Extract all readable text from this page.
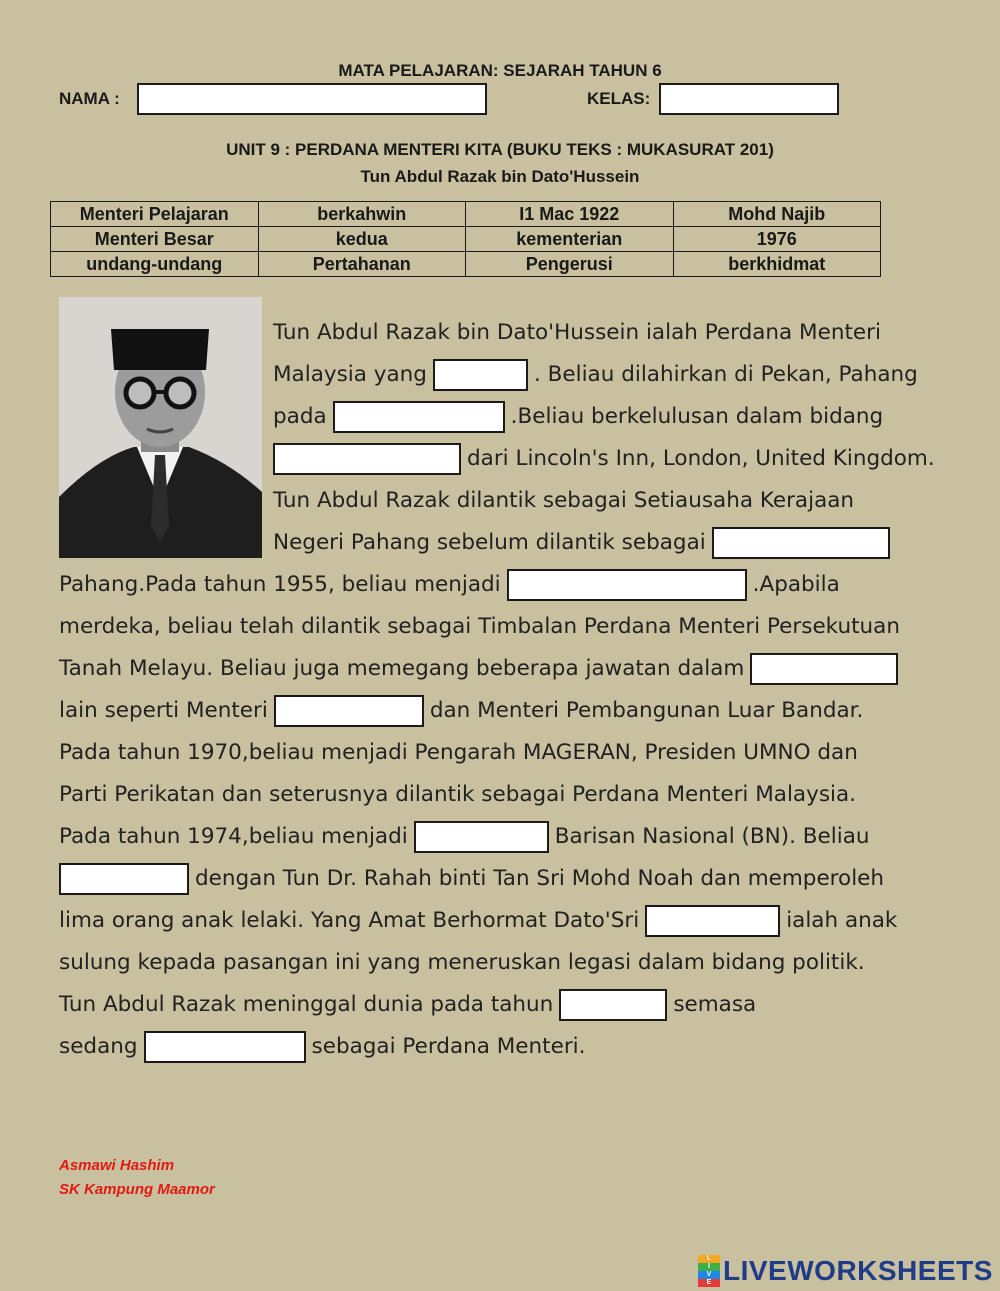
MATA PELAJARAN: SEJARAH TAHUN 6
NAMA :	KELAS:
UNIT 9 : PERDANA MENTERI KITA (BUKU TEKS : MUKASURAT 201)
Tun Abdul Razak bin Dato'Hussein
Menteri Pelajaran	berkahwin	I1 Mac 1922	Mohd Najib
Menteri Besar	kedua	kementerian	1976
undang-undang	Pertahanan	Pengerusi	berkhidmat
Tun Abdul Razak bin Dato'Hussein ialah Perdana Menteri
Malaysia yang	. Beliau dilahirkan di Pekan, Pahang
pada	.Beliau berkelulusan dalam bidang
dari Lincoln's Inn, London, United Kingdom.
Tun Abdul Razak dilantik sebagai Setiausaha Kerajaan
Negeri Pahang sebelum dilantik sebagai
Pahang.Pada tahun 1955, beliau menjadi	.Apabila
merdeka, beliau telah dilantik sebagai Timbalan Perdana Menteri Persekutuan
Tanah Melayu. Beliau juga memegang beberapa jawatan dalam
lain seperti Menteri	dan Menteri Pembangunan Luar Bandar.
Pada tahun 1970,beliau menjadi Pengarah MAGERAN, Presiden UMNO dan
Parti Perikatan dan seterusnya dilantik sebagai Perdana Menteri Malaysia.
Pada tahun 1974,beliau menjadi	Barisan Nasional (BN). Beliau
dengan Tun Dr. Rahah binti Tan Sri Mohd Noah dan memperoleh
lima orang anak lelaki. Yang Amat Berhormat Dato'Sri	ialah anak
sulung kepada pasangan ini yang meneruskan legasi dalam bidang politik.
Tun Abdul Razak meninggal dunia pada tahun	semasa
sedang	sebagai Perdana Menteri.
Asmawi Hashim
SK Kampung Maamor
L
I
V
E LIVEWORKSHEETS
